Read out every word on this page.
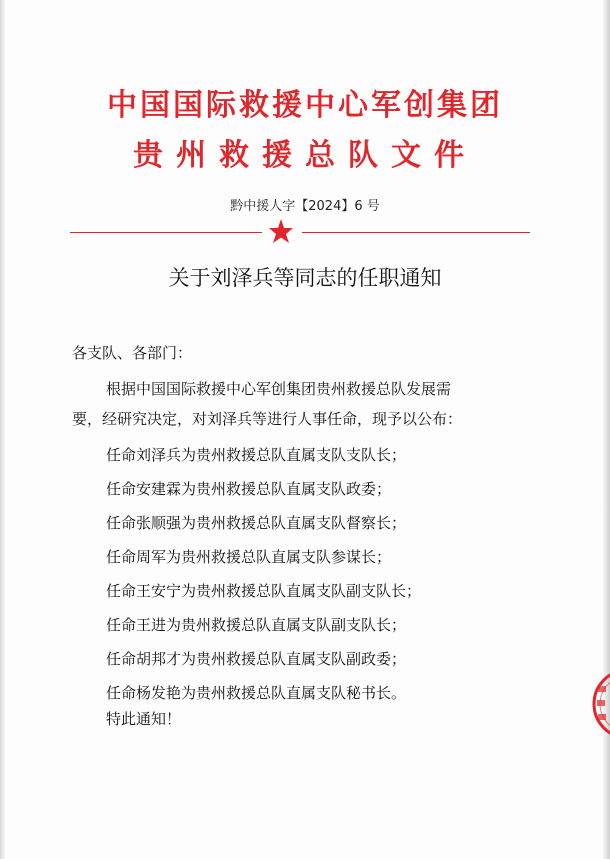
中国国际救援中心军创集团
贵州救援总队文件
黔中援人字【2024】6 号
关于刘泽兵等同志的任职通知
各支队、各部门：
根据中国国际救援中心军创集团贵州救援总队发展需
要，经研究决定，对刘泽兵等进行人事任命，现予以公布：
任命刘泽兵为贵州救援总队直属支队支队长；
任命安建霖为贵州救援总队直属支队政委；
任命张顺强为贵州救援总队直属支队督察长；
任命周军为贵州救援总队直属支队参谋长；
任命王安宁为贵州救援总队直属支队副支队长；
任命王进为贵州救援总队直属支队副支队长；
任命胡邦才为贵州救援总队直属支队副政委；
任命杨发艳为贵州救援总队直属支队秘书长。
特此通知！
